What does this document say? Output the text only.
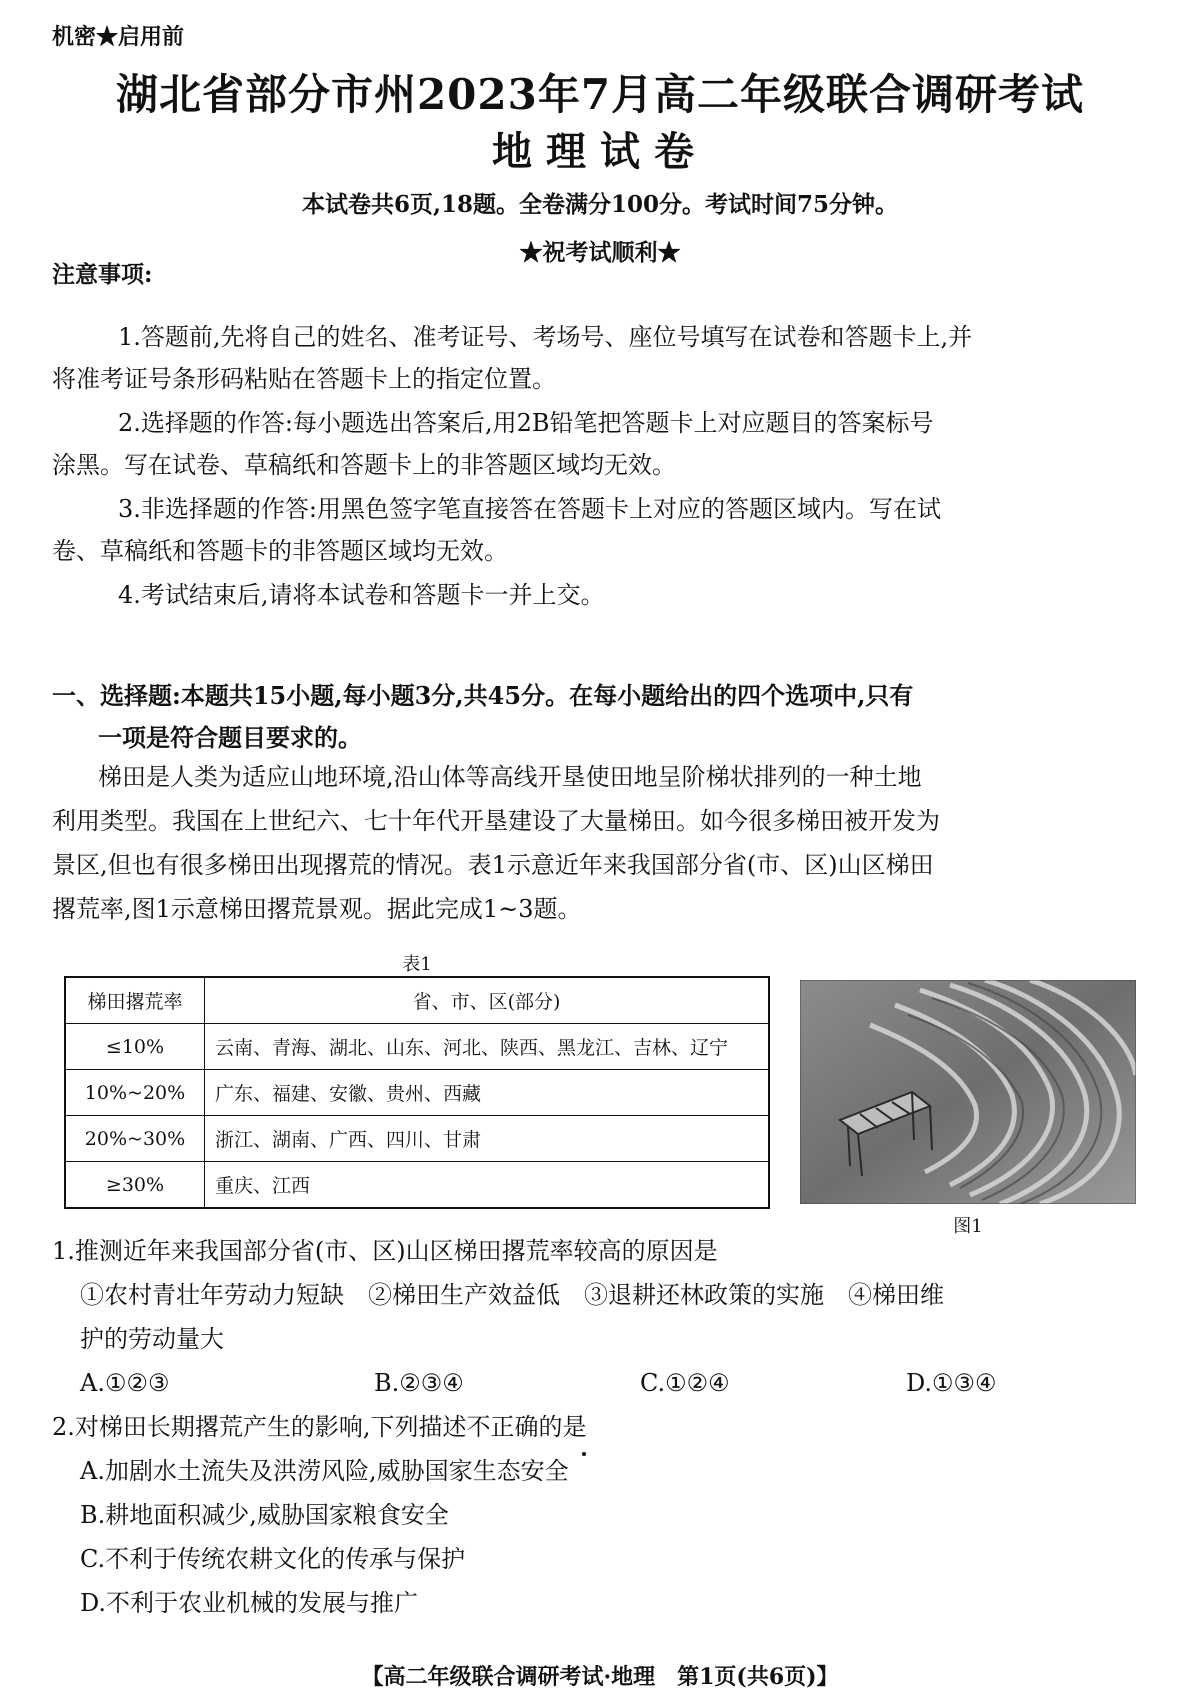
机密★启用前
湖北省部分市州2023年7月高二年级联合调研考试
地理试卷
本试卷共6页,18题。全卷满分100分。考试时间75分钟。
★祝考试顺利★
注意事项:
1.答题前,先将自己的姓名、准考证号、考场号、座位号填写在试卷和答题卡上,并
将准考证号条形码粘贴在答题卡上的指定位置。
2.选择题的作答:每小题选出答案后,用2B铅笔把答题卡上对应题目的答案标号
涂黑。写在试卷、草稿纸和答题卡上的非答题区域均无效。
3.非选择题的作答:用黑色签字笔直接答在答题卡上对应的答题区域内。写在试
卷、草稿纸和答题卡的非答题区域均无效。
4.考试结束后,请将本试卷和答题卡一并上交。
一、选择题:本题共15小题,每小题3分,共45分。在每小题给出的四个选项中,只有
一项是符合题目要求的。
梯田是人类为适应山地环境,沿山体等高线开垦使田地呈阶梯状排列的一种土地
利用类型。我国在上世纪六、七十年代开垦建设了大量梯田。如今很多梯田被开发为
景区,但也有很多梯田出现撂荒的情况。表1示意近年来我国部分省(市、区)山区梯田
撂荒率,图1示意梯田撂荒景观。据此完成1~3题。
表1
梯田撂荒率	省、市、区(部分)
≤10%	云南、青海、湖北、山东、河北、陕西、黑龙江、吉林、辽宁
10%~20%	广东、福建、安徽、贵州、西藏
20%~30%	浙江、湖南、广西、四川、甘肃
≥30%	重庆、江西
图1
1.推测近年来我国部分省(市、区)山区梯田撂荒率较高的原因是
①农村青壮年劳动力短缺　②梯田生产效益低　③退耕还林政策的实施　④梯田维
护的劳动量大
A.①②③	B.②③④	C.①②④	D.①③④
2.对梯田长期撂荒产生的影响,下列描述不正确的是
A.加剧水土流失及洪涝风险,威胁国家生态安全
B.耕地面积减少,威胁国家粮食安全
C.不利于传统农耕文化的传承与保护
D.不利于农业机械的发展与推广
【高二年级联合调研考试·地理　第1页(共6页)】
